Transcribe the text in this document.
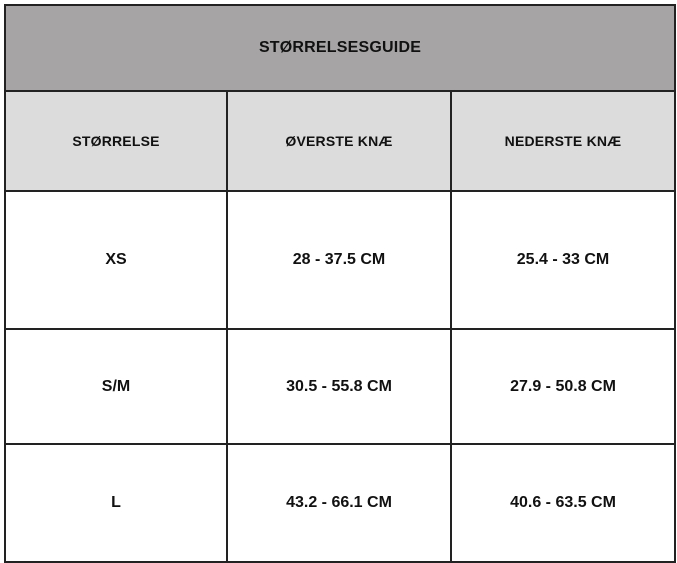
STØRRELSESGUIDE		
STØRRELSE	ØVERSTE KNÆ	NEDERSTE KNÆ
XS	28 - 37.5 CM	25.4 - 33 CM
S/M	30.5 - 55.8 CM	27.9 - 50.8 CM
L	43.2 - 66.1 CM	40.6 - 63.5 CM
